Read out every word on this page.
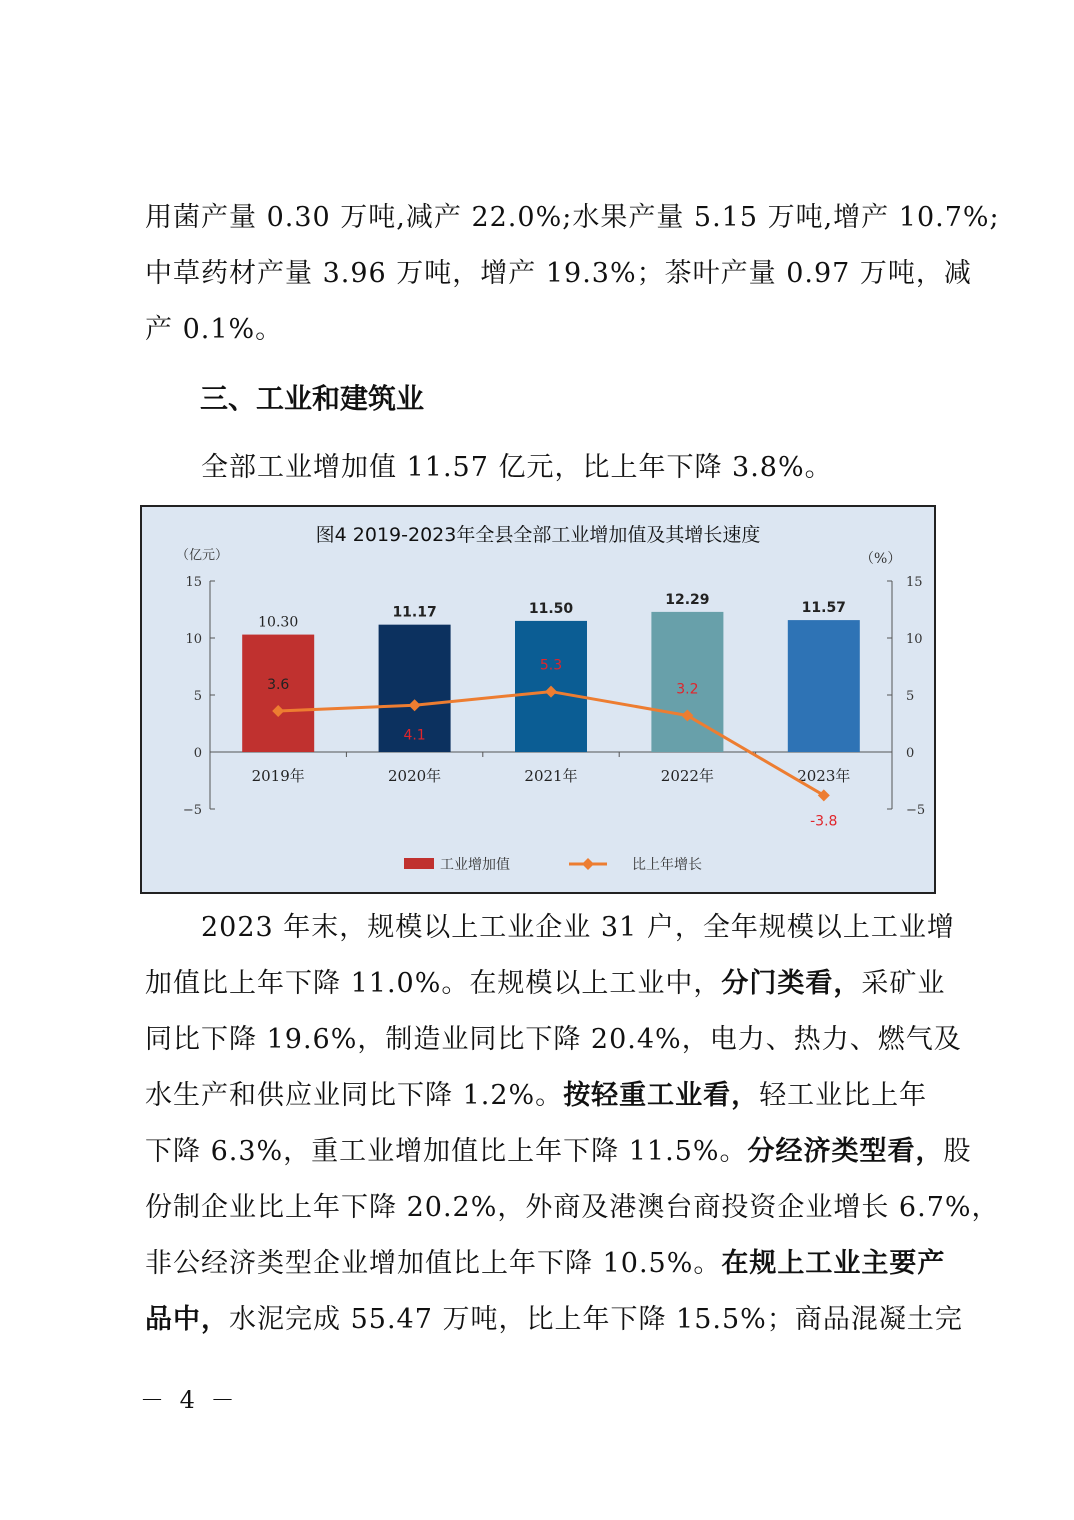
用菌产量 0.30 万吨,减产 22.0%;水果产量 5.15 万吨,增产 10.7%;

中草药材产量 3.96 万吨，增产 19.3%；茶叶产量 0.97 万吨，减

产 0.1%。

三、工业和建筑业

全部工业增加值 11.57 亿元，比上年下降 3.8%。

图4 2019-2023年全县全部工业增加值及其增长速度
（亿元）	（%）
−5	−5
0	0
5	5
10	10
15	15
10.30
2019年
11.17
2020年
11.50
2021年
12.29
2022年
11.57
2023年
3.6
4.1
5.3
3.2
-3.8
工业增加值	比上年增长

2023 年末，规模以上工业企业 31 户，全年规模以上工业增

加值比上年下降 11.0%。在规模以上工业中，分门类看，采矿业

同比下降 19.6%，制造业同比下降 20.4%，电力、热力、燃气及

水生产和供应业同比下降 1.2%。按轻重工业看，轻工业比上年

下降 6.3%，重工业增加值比上年下降 11.5%。分经济类型看，股

份制企业比上年下降 20.2%，外商及港澳台商投资企业增长 6.7%，

非公经济类型企业增加值比上年下降 10.5%。在规上工业主要产

品中，水泥完成 55.47 万吨，比上年下降 15.5%；商品混凝土完

－ 4 －
